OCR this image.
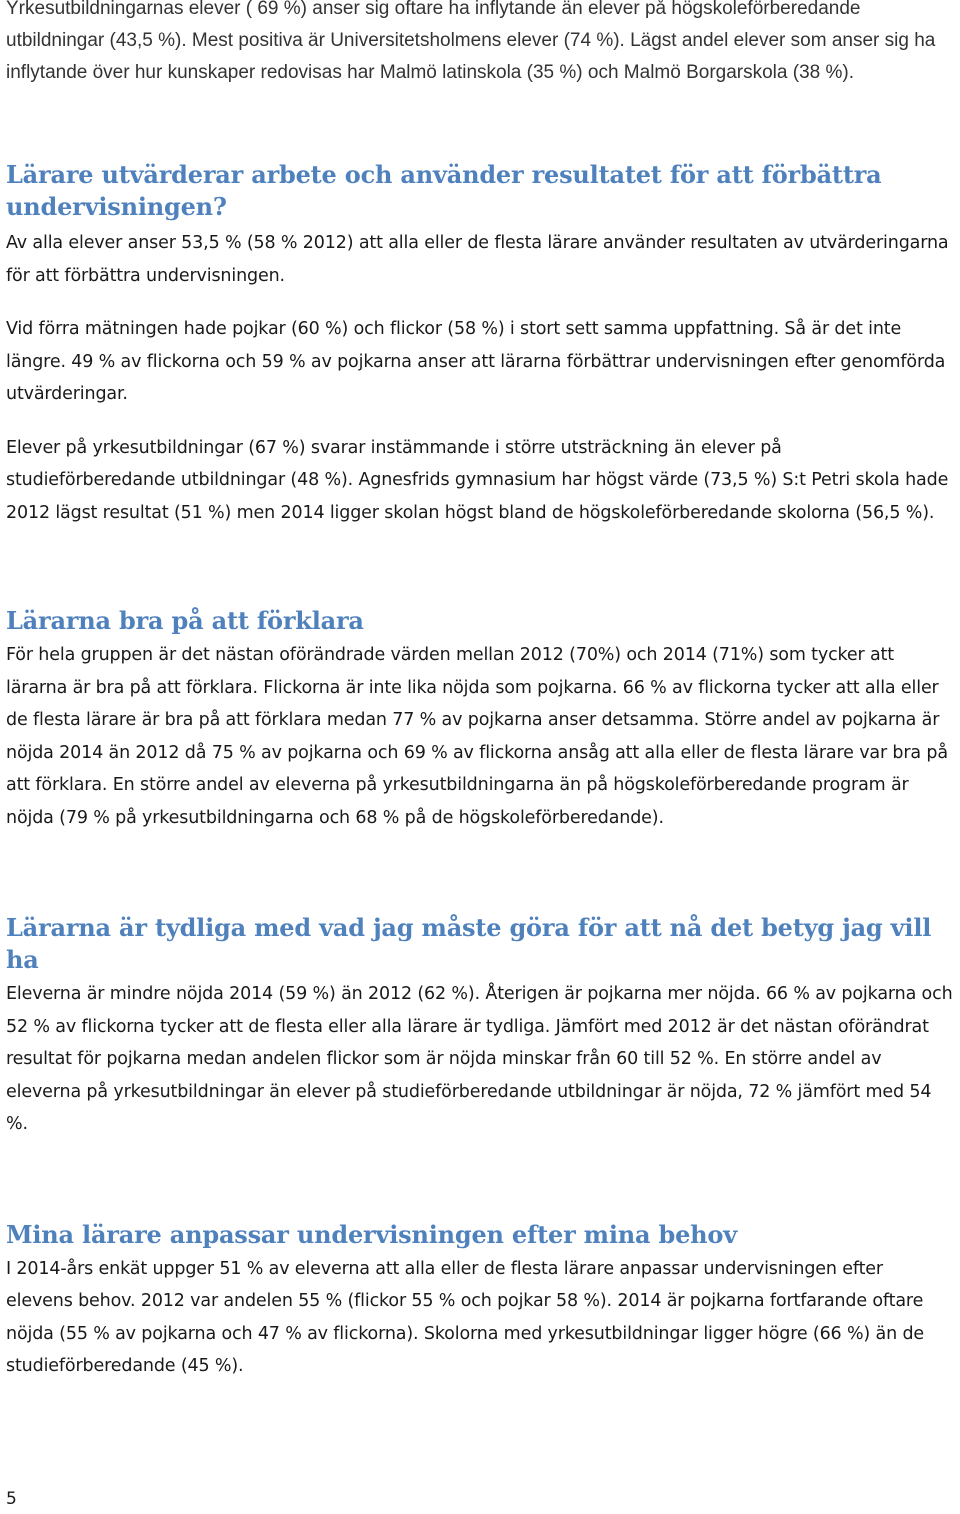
Yrkesutbildningarnas elever ( 69 %) anser sig oftare ha inflytande än elever på högskoleförberedande utbildningar (43,5 %). Mest positiva är Universitetsholmens elever (74 %). Lägst andel elever som anser sig ha inflytande över hur kunskaper redovisas har Malmö latinskola (35 %) och Malmö Borgarskola (38 %).

Lärare utvärderar arbete och använder resultatet för att förbättra undervisningen?

Av alla elever anser 53,5 % (58 % 2012) att alla eller de flesta lärare använder resultaten av utvärderingarna för att förbättra undervisningen.

Vid förra mätningen hade pojkar (60 %) och flickor (58 %) i stort sett samma uppfattning. Så är det inte längre. 49 % av flickorna och 59 % av pojkarna anser att lärarna förbättrar undervisningen efter genomförda utvärderingar.

Elever på yrkesutbildningar (67 %) svarar instämmande i större utsträckning än elever på studieförberedande utbildningar (48 %). Agnesfrids gymnasium har högst värde (73,5 %) S:t Petri skola hade 2012 lägst resultat (51 %) men 2014 ligger skolan högst bland de högskoleförberedande skolorna (56,5 %).

Lärarna bra på att förklara

För hela gruppen är det nästan oförändrade värden mellan 2012 (70%) och 2014 (71%) som tycker att lärarna är bra på att förklara. Flickorna är inte lika nöjda som pojkarna. 66 % av flickorna tycker att alla eller de flesta lärare är bra på att förklara medan 77 % av pojkarna anser detsamma. Större andel av pojkarna är nöjda 2014 än 2012 då 75 % av pojkarna och 69 % av flickorna ansåg att alla eller de flesta lärare var bra på att förklara. En större andel av eleverna på yrkesutbildningarna än på högskoleförberedande program är nöjda (79 % på yrkesutbildningarna och 68 % på de högskoleförberedande).

Lärarna är tydliga med vad jag måste göra för att nå det betyg jag vill ha

Eleverna är mindre nöjda 2014 (59 %) än 2012 (62 %). Återigen är pojkarna mer nöjda. 66 % av pojkarna och 52 % av flickorna tycker att de flesta eller alla lärare är tydliga. Jämfört med 2012 är det nästan oförändrat resultat för pojkarna medan andelen flickor som är nöjda minskar från 60 till 52 %. En större andel av eleverna på yrkesutbildningar än elever på studieförberedande utbildningar är nöjda, 72 % jämfört med 54 %.

Mina lärare anpassar undervisningen efter mina behov

I 2014-års enkät uppger 51 % av eleverna att alla eller de flesta lärare anpassar undervisningen efter elevens behov. 2012 var andelen 55 % (flickor 55 % och pojkar 58 %). 2014 är pojkarna fortfarande oftare nöjda (55 % av pojkarna och 47 % av flickorna). Skolorna med yrkesutbildningar ligger högre (66 %) än de studieförberedande (45 %).

5
